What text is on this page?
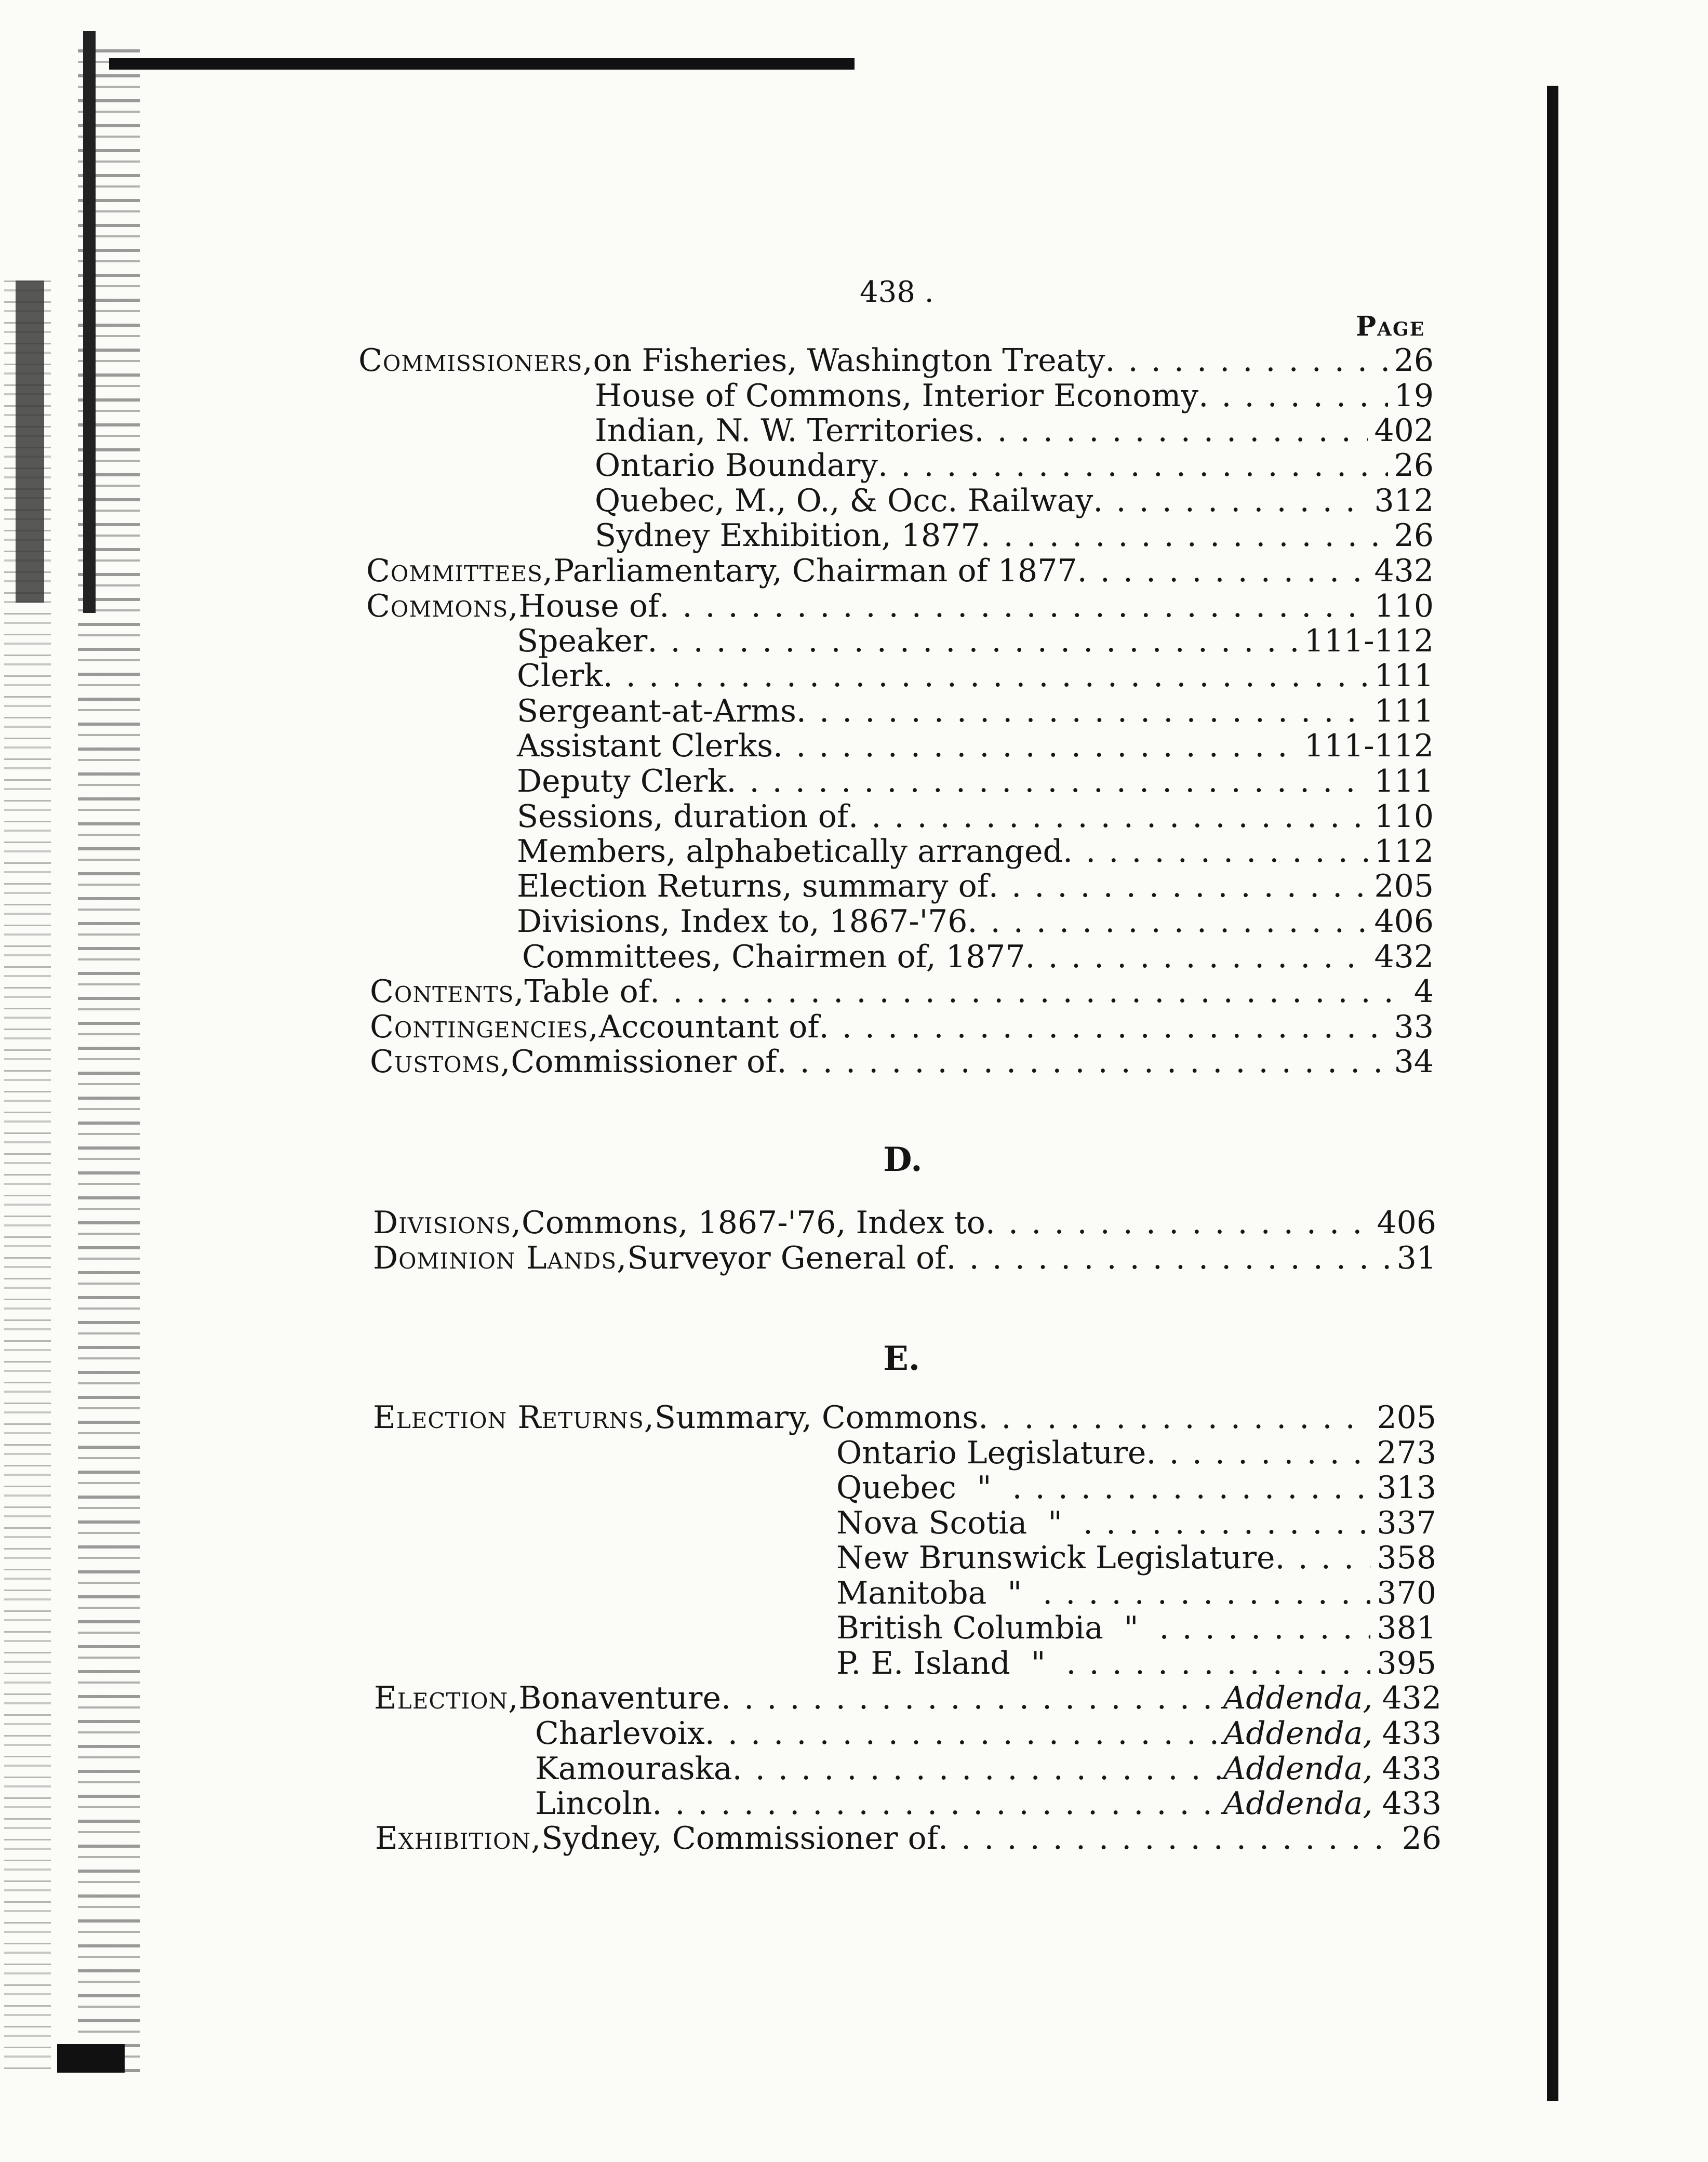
438 .
Page
D.
E.
Commissioners, on Fisheries, Washington Treaty . . .	26
House of Commons, Interior Economy . . .	19
Indian, N. W. Territories . . .	402
Ontario Boundary . . .	26
Quebec, M., O., & Occ. Railway . . .	312
Sydney Exhibition, 1877 . . .	26
Committees, Parliamentary, Chairman of 1877 . . .	432
Commons, House of . . .	110
Speaker . . .	111-112
Clerk . . .	111
Sergeant-at-Arms . . .	111
Assistant Clerks . . .	111-112
Deputy Clerk . . .	111
Sessions, duration of . . .	110
Members, alphabetically arranged . . .	112
Election Returns, summary of . . .	205
Divisions, Index to, 1867-'76 . . .	406
Committees, Chairmen of, 1877 . . .	432
Contents, Table of . . .	4
Contingencies, Accountant of . . .	33
Customs, Commissioner of . . .	34
Divisions, Commons, 1867-'76, Index to . . .	406
Dominion Lands, Surveyor General of . . .	31
Election Returns, Summary, Commons . . .	205
Ontario Legislature . . .	273
Quebec " . . .	313
Nova Scotia " . . .	337
New Brunswick Legislature . . .	358
Manitoba " . . .	370
British Columbia " . . .	381
P. E. Island " . . .	395
Election, Bonaventure . . .	Addenda, 432
Charlevoix . . .	Addenda, 433
Kamouraska . . .	Addenda, 433
Lincoln . . .	Addenda, 433
Exhibition, Sydney, Commissioner of . . .	26
